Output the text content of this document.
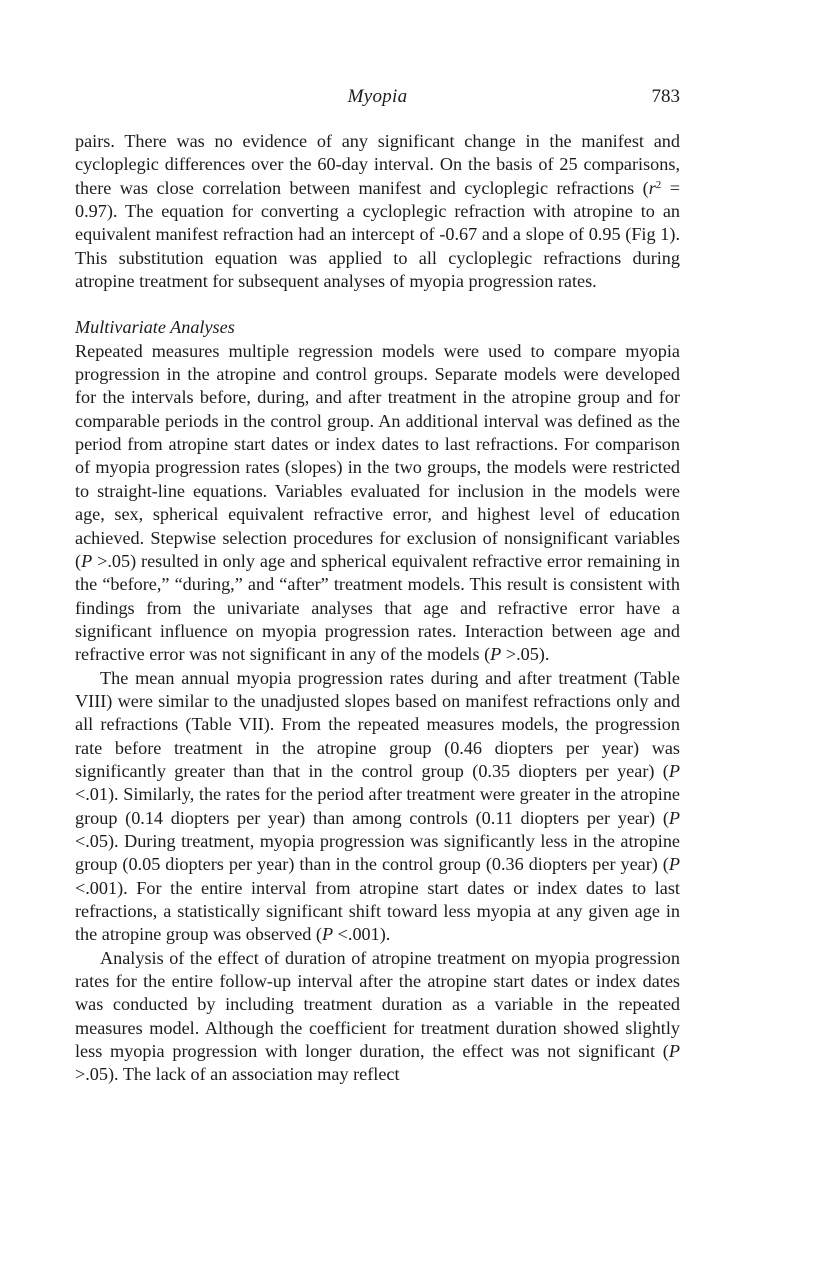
Myopia	783

pairs. There was no evidence of any significant change in the manifest and cycloplegic differences over the 60-day interval. On the basis of 25 comparisons, there was close correlation between manifest and cycloplegic refractions $(r^2 = 0.97)$. The equation for converting a cycloplegic refraction with atropine to an equivalent manifest refraction had an intercept of -0.67 and a slope of 0.95 (Fig 1). This substitution equation was applied to all cycloplegic refractions during atropine treatment for subsequent analyses of myopia progression rates.

Multivariate Analyses

Repeated measures multiple regression models were used to compare myopia progression in the atropine and control groups. Separate models were developed for the intervals before, during, and after treatment in the atropine group and for comparable periods in the control group. An additional interval was defined as the period from atropine start dates or index dates to last refractions. For comparison of myopia progression rates (slopes) in the two groups, the models were restricted to straight-line equations. Variables evaluated for inclusion in the models were age, sex, spherical equivalent refractive error, and highest level of education achieved. Stepwise selection procedures for exclusion of nonsignificant variables (P >.05) resulted in only age and spherical equivalent refractive error remaining in the “before,” “during,” and “after” treatment models. This result is consistent with findings from the univariate analyses that age and refractive error have a significant influence on myopia progression rates. Interaction between age and refractive error was not significant in any of the models (P >.05).

The mean annual myopia progression rates during and after treatment (Table VIII) were similar to the unadjusted slopes based on manifest refractions only and all refractions (Table VII). From the repeated measures models, the progression rate before treatment in the atropine group (0.46 diopters per year) was significantly greater than that in the control group (0.35 diopters per year) (P <.01). Similarly, the rates for the period after treatment were greater in the atropine group (0.14 diopters per year) than among controls (0.11 diopters per year) (P <.05). During treatment, myopia progression was significantly less in the atropine group (0.05 diopters per year) than in the control group (0.36 diopters per year) (P <.001). For the entire interval from atropine start dates or index dates to last refractions, a statistically significant shift toward less myopia at any given age in the atropine group was observed (P <.001).

Analysis of the effect of duration of atropine treatment on myopia progression rates for the entire follow-up interval after the atropine start dates or index dates was conducted by including treatment duration as a variable in the repeated measures model. Although the coefficient for treatment duration showed slightly less myopia progression with longer duration, the effect was not significant (P >.05). The lack of an association may reflect
